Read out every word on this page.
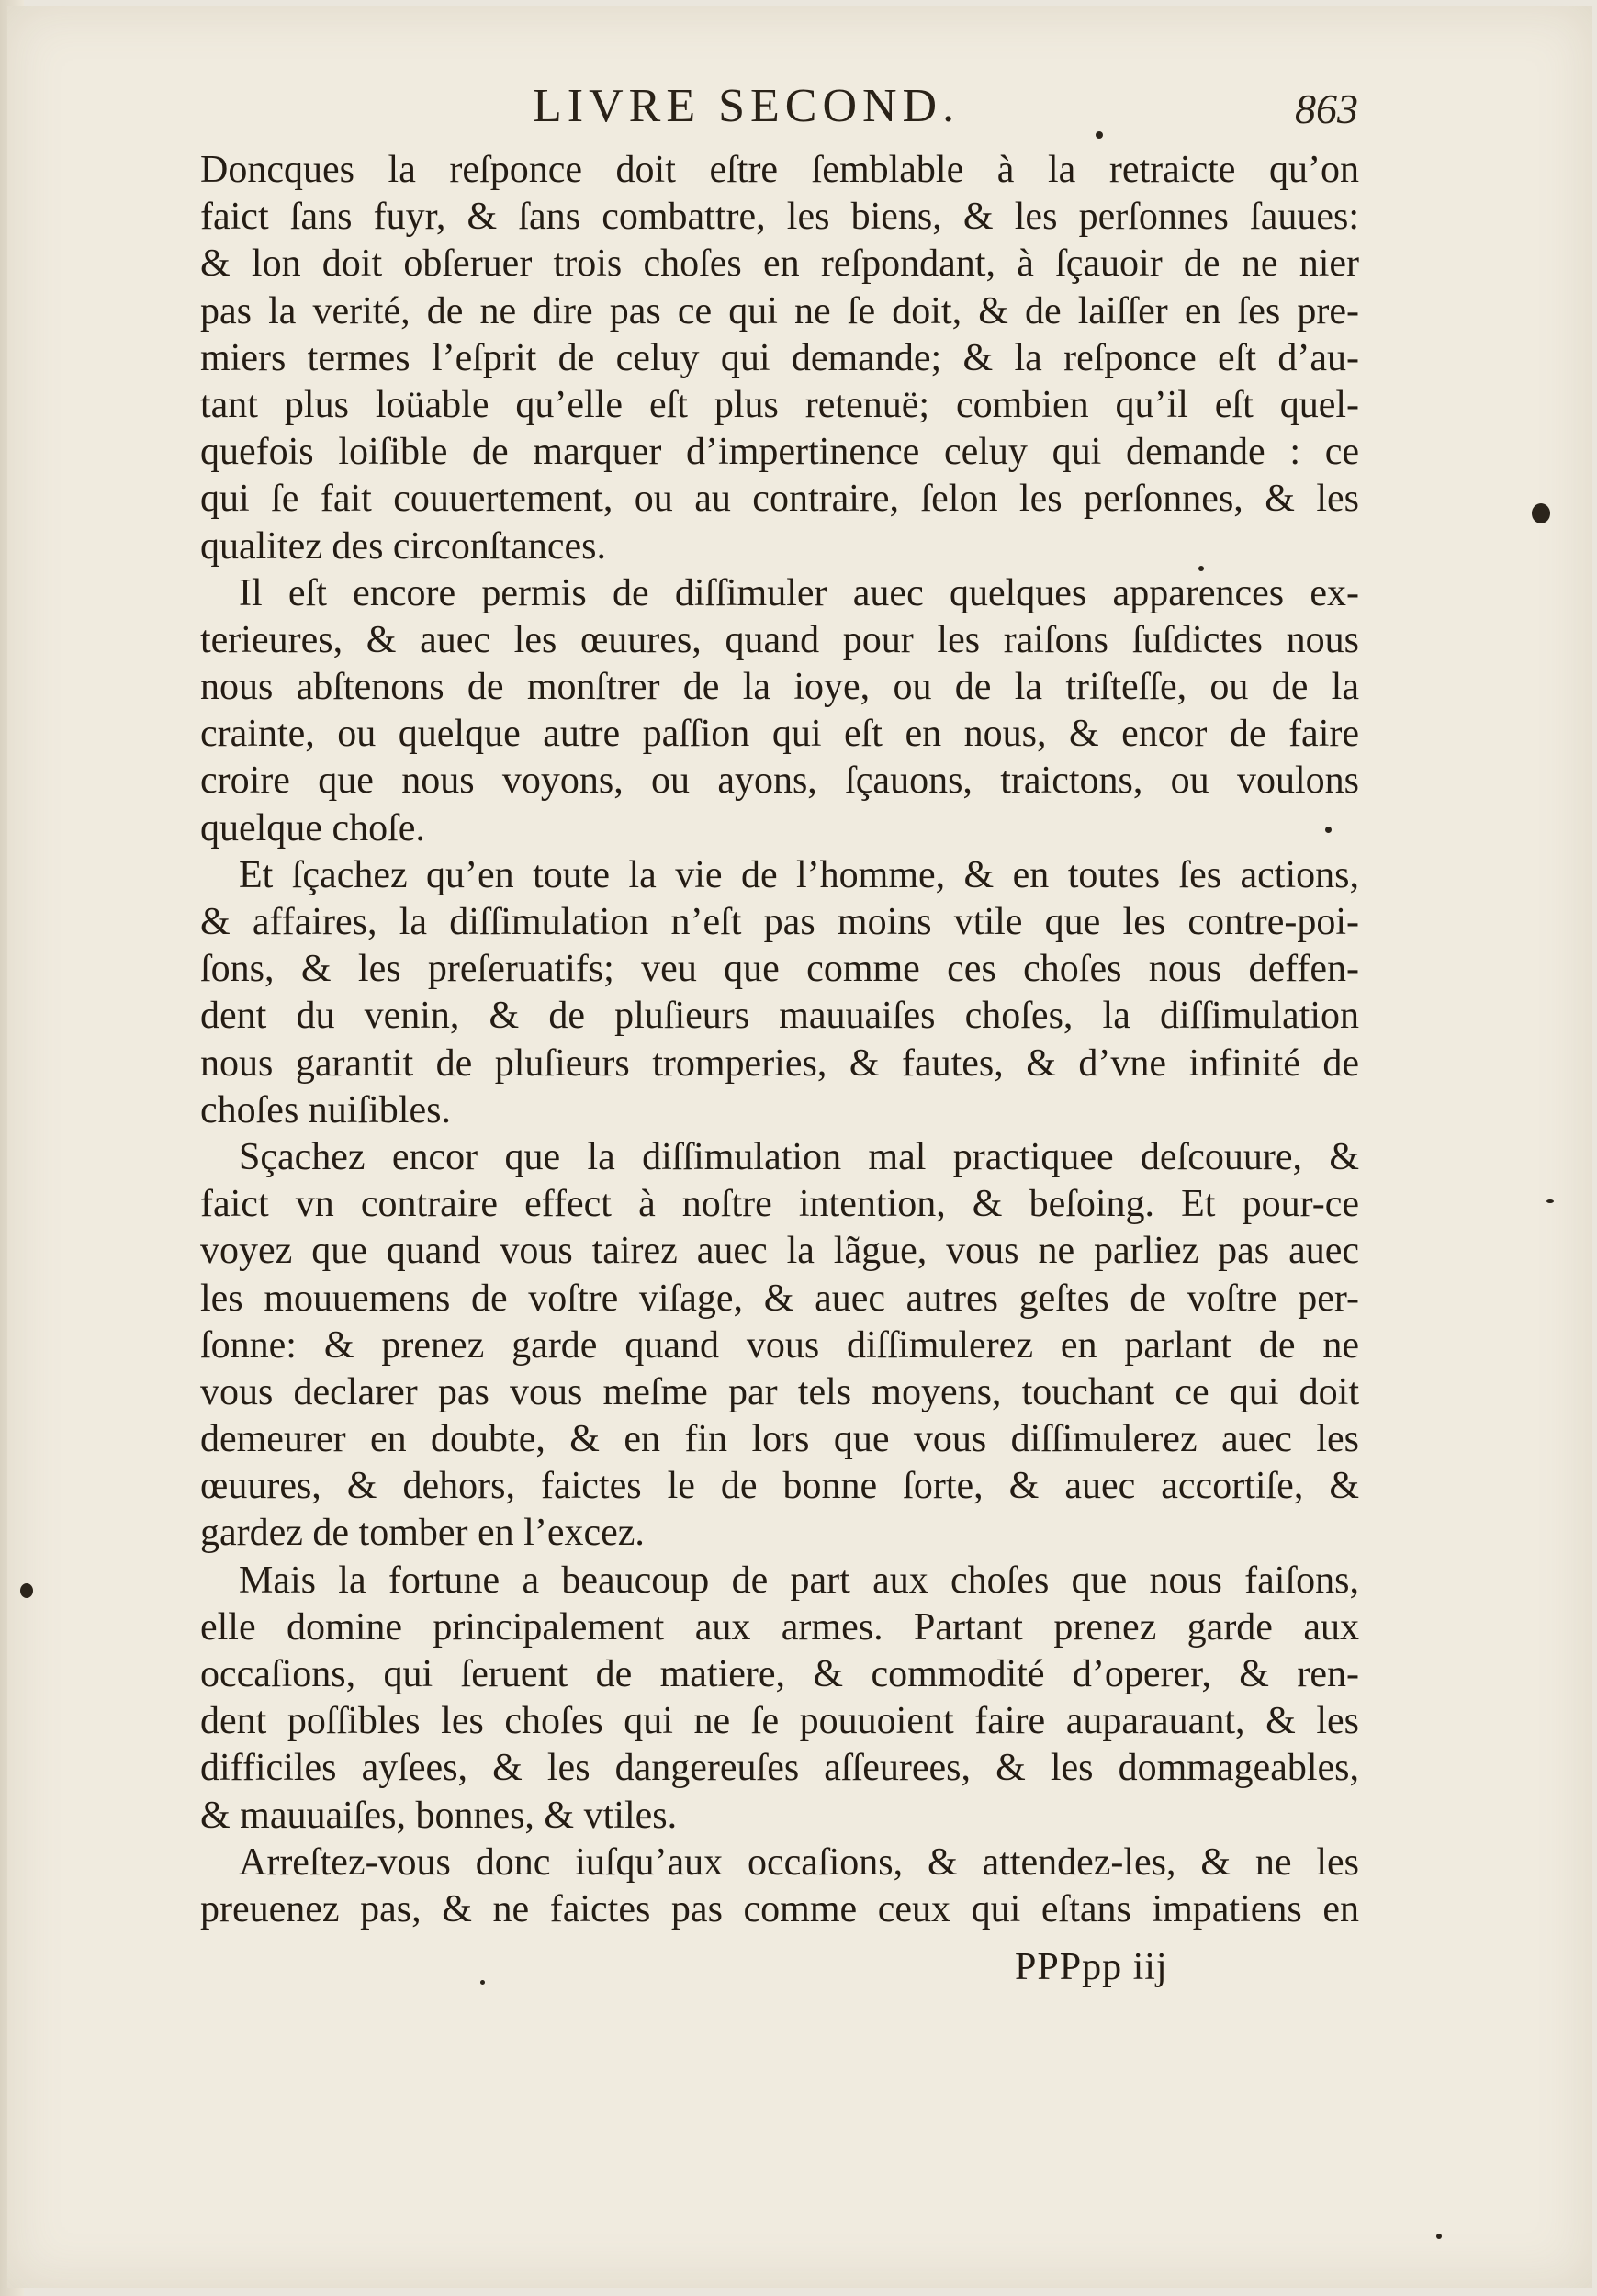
LIVRE SECOND.	863
Doncques la reſponce doit eſtre ſemblable à la retraicte qu’on
faict ſans fuyr, & ſans combattre, les biens, & les perſonnes ſauues:
& lon doit obſeruer trois choſes en reſpondant, à ſçauoir de ne nier
pas la verité, de ne dire pas ce qui ne ſe doit, & de laiſſer en ſes pre-
miers termes l’eſprit de celuy qui demande; & la reſponce eſt d’au-
tant plus loüable qu’elle eſt plus retenuë; combien qu’il eſt quel-
quefois loiſible de marquer d’impertinence celuy qui demande : ce
qui ſe fait couuertement, ou au contraire, ſelon les perſonnes, & les
qualitez des circonſtances.
Il eſt encore permis de diſſimuler auec quelques apparences ex-
terieures, & auec les œuures, quand pour les raiſons ſuſdictes nous
nous abſtenons de monſtrer de la ioye, ou de la triſteſſe, ou de la
crainte, ou quelque autre paſſion qui eſt en nous, & encor de faire
croire que nous voyons, ou ayons, ſçauons, traictons, ou voulons
quelque choſe.
Et ſçachez qu’en toute la vie de l’homme, & en toutes ſes actions,
& affaires, la diſſimulation n’eſt pas moins vtile que les contre-poi-
ſons, & les preſeruatifs; veu que comme ces choſes nous deffen-
dent du venin, & de pluſieurs mauuaiſes choſes, la diſſimulation
nous garantit de pluſieurs tromperies, & fautes, & d’vne infinité de
choſes nuiſibles.
Sçachez encor que la diſſimulation mal practiquee deſcouure, &
faict vn contraire effect à noſtre intention, & beſoing. Et pour-ce
voyez que quand vous tairez auec la lãgue, vous ne parliez pas auec
les mouuemens de voſtre viſage, & auec autres geſtes de voſtre per-
ſonne: & prenez garde quand vous diſſimulerez en parlant de ne
vous declarer pas vous meſme par tels moyens, touchant ce qui doit
demeurer en doubte, & en fin lors que vous diſſimulerez auec les
œuures, & dehors, faictes le de bonne ſorte, & auec accortiſe, &
gardez de tomber en l’excez.
Mais la fortune a beaucoup de part aux choſes que nous faiſons,
elle domine principalement aux armes. Partant prenez garde aux
occaſions, qui ſeruent de matiere, & commodité d’operer, & ren-
dent poſſibles les choſes qui ne ſe pouuoient faire auparauant, & les
difficiles ayſees, & les dangereuſes aſſeurees, & les dommageables,
& mauuaiſes, bonnes, & vtiles.
Arreſtez-vous donc iuſqu’aux occaſions, & attendez-les, & ne les
preuenez pas, & ne faictes pas comme ceux qui eſtans impatiens en
PPPpp iij
